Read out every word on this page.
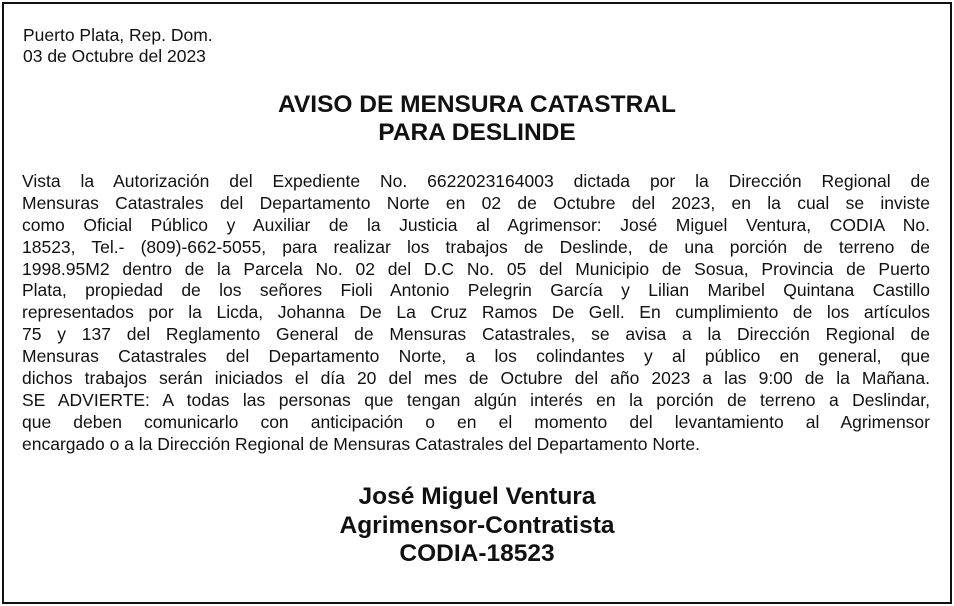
Puerto Plata, Rep. Dom.
03 de Octubre del 2023
AVISO DE MENSURA CATASTRAL
PARA DESLINDE
Vista la Autorización del Expediente No. 6622023164003 dictada por la Dirección Regional de
Mensuras Catastrales del Departamento Norte en 02 de Octubre del 2023, en la cual se inviste
como Oficial Público y Auxiliar de la Justicia al Agrimensor: José Miguel Ventura, CODIA No.
18523, Tel.- (809)-662-5055, para realizar los trabajos de Deslinde, de una porción de terreno de
1998.95M2 dentro de la Parcela No. 02 del D.C No. 05 del Municipio de Sosua, Provincia de Puerto
Plata, propiedad de los señores Fioli Antonio Pelegrin García y Lilian Maribel Quintana Castillo
representados por la Licda, Johanna De La Cruz Ramos De Gell. En cumplimiento de los artículos
75 y 137 del Reglamento General de Mensuras Catastrales, se avisa a la Dirección Regional de
Mensuras Catastrales del Departamento Norte, a los colindantes y al público en general, que
dichos trabajos serán iniciados el día 20 del mes de Octubre del año 2023 a las 9:00 de la Mañana.
SE ADVIERTE: A todas las personas que tengan algún interés en la porción de terreno a Deslindar,
que deben comunicarlo con anticipación o en el momento del levantamiento al Agrimensor
encargado o a la Dirección Regional de Mensuras Catastrales del Departamento Norte.
José Miguel Ventura
Agrimensor-Contratista
CODIA-18523
